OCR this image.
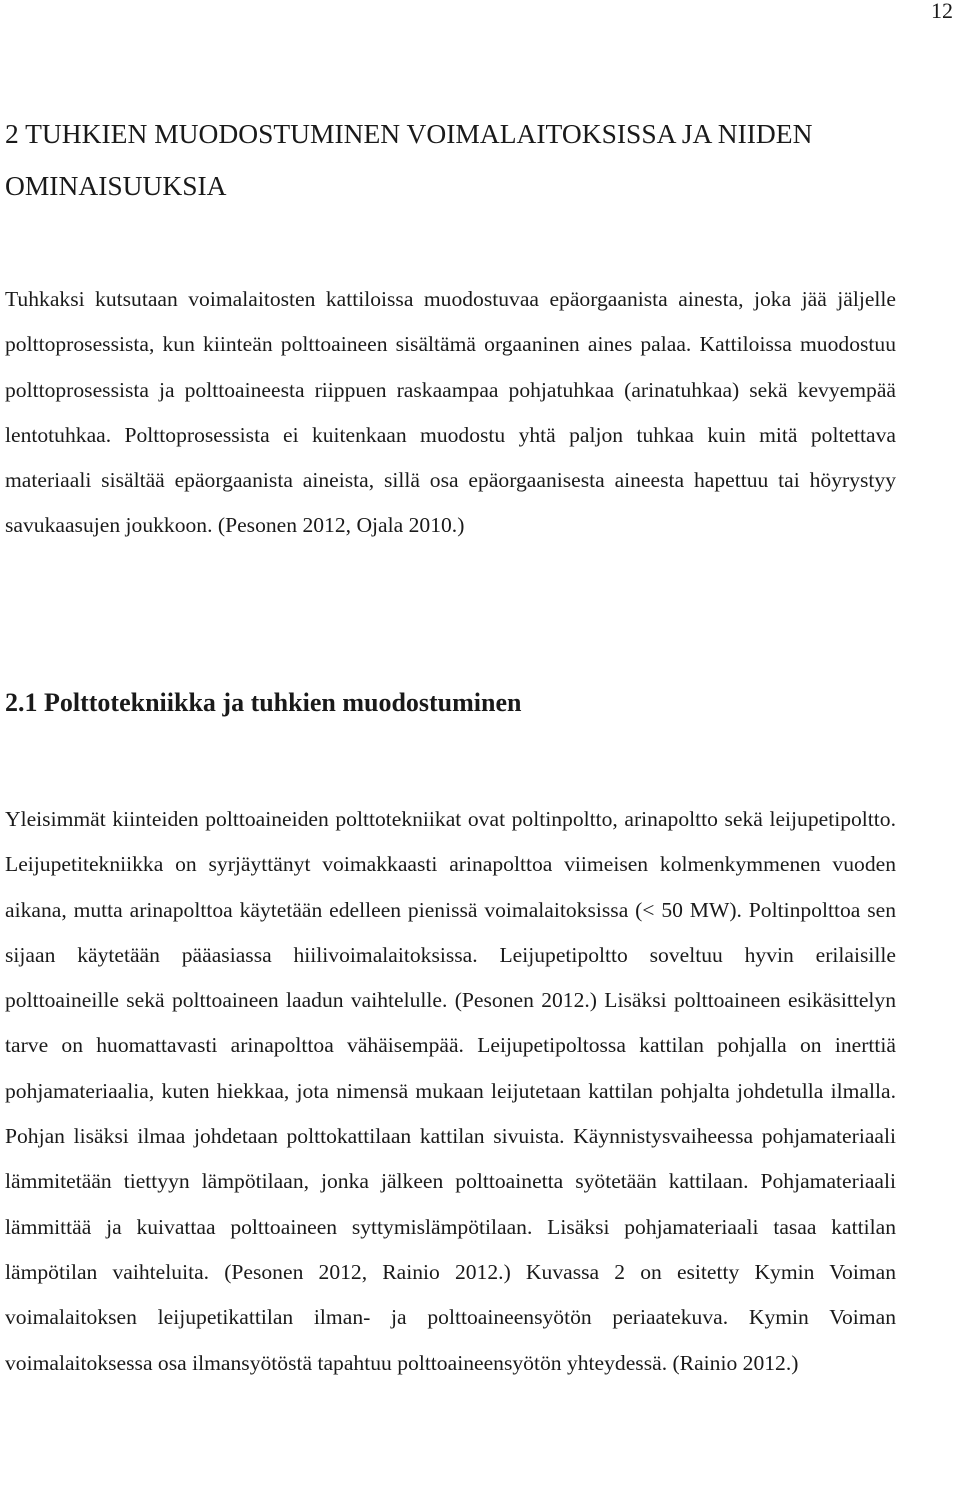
12
2 TUHKIEN MUODOSTUMINEN VOIMALAITOKSISSA JA NIIDEN OMINAISUUKSIA

Tuhkaksi kutsutaan voimalaitosten kattiloissa muodostuvaa epäorgaanista ainesta, joka jää jäljelle polttoprosessista, kun kiinteän polttoaineen sisältämä orgaaninen aines palaa. Kattiloissa muodostuu polttoprosessista ja polttoaineesta riippuen raskaampaa pohjatuhkaa (arinatuhkaa) sekä kevyempää lentotuhkaa. Polttoprosessista ei kuitenkaan muodostu yhtä paljon tuhkaa kuin mitä poltettava materiaali sisältää epäorgaanista aineista, sillä osa epäorgaanisesta aineesta hapettuu tai höyrystyy savukaasujen joukkoon. (Pesonen 2012, Ojala 2010.)

2.1 Polttotekniikka ja tuhkien muodostuminen

Yleisimmät kiinteiden polttoaineiden polttotekniikat ovat poltinpoltto, arinapoltto sekä leijupetipoltto. Leijupetitekniikka on syrjäyttänyt voimakkaasti arinapolttoa viimeisen kolmenkymmenen vuoden aikana, mutta arinapolttoa käytetään edelleen pienissä voimalaitoksissa (< 50 MW). Poltinpolttoa sen sijaan käytetään pääasiassa hiilivoimalaitoksissa. Leijupetipoltto soveltuu hyvin erilaisille polttoaineille sekä polttoaineen laadun vaihtelulle. (Pesonen 2012.) Lisäksi polttoaineen esikäsittelyn tarve on huomattavasti arinapolttoa vähäisempää. Leijupetipoltossa kattilan pohjalla on inerttiä pohjamateriaalia, kuten hiekkaa, jota nimensä mukaan leijutetaan kattilan pohjalta johdetulla ilmalla. Pohjan lisäksi ilmaa johdetaan polttokattilaan kattilan sivuista. Käynnistysvaiheessa pohjamateriaali lämmitetään tiettyyn lämpötilaan, jonka jälkeen polttoainetta syötetään kattilaan. Pohjamateriaali lämmittää ja kuivattaa polttoaineen syttymislämpötilaan. Lisäksi pohjamateriaali tasaa kattilan lämpötilan vaihteluita. (Pesonen 2012, Rainio 2012.) Kuvassa 2 on esitetty Kymin Voiman voimalaitoksen leijupetikattilan ilman- ja polttoaineensyötön periaatekuva. Kymin Voiman voimalaitoksessa osa ilmansyötöstä tapahtuu polttoaineensyötön yhteydessä. (Rainio 2012.)
